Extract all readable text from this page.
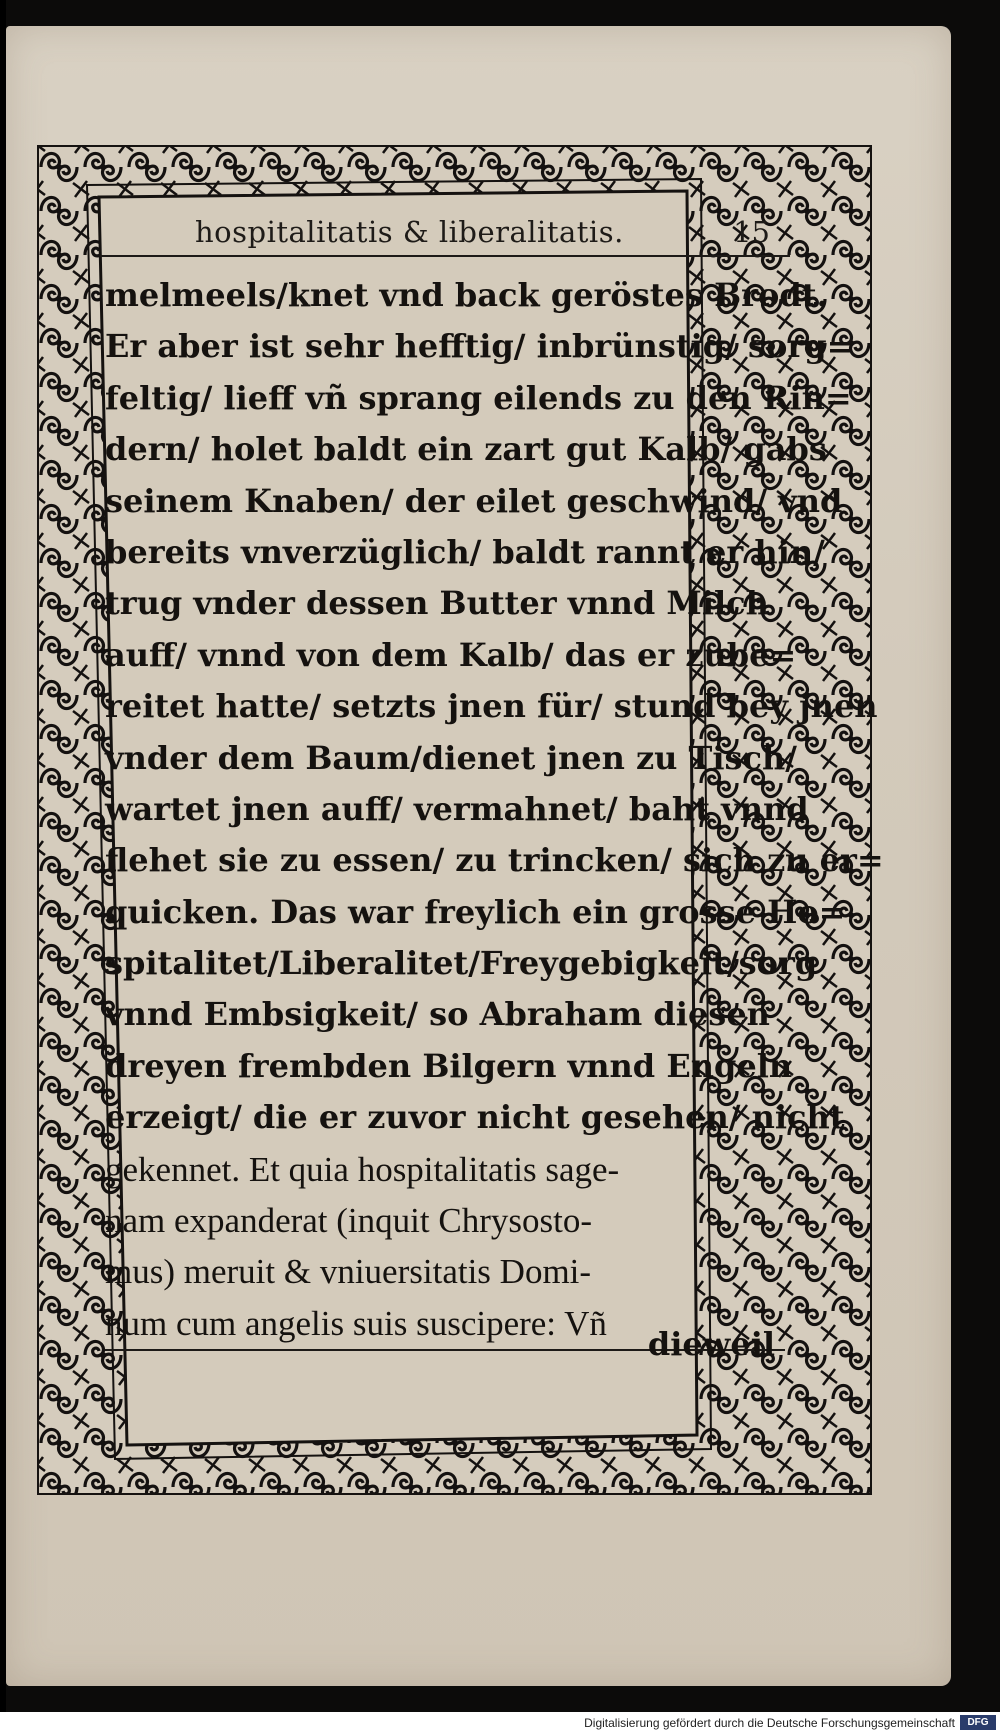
hospitalitatis & liberalitatis.	15
melmeels/knet vnd back geröstes Brodt.
Er aber ist sehr hefftig/ inbrünstig/ sorg=
feltig/ lieff vñ sprang eilends zu den Rin=
dern/ holet baldt ein zart gut Kalb/ gabs
seinem Knaben/ der eilet geschwind/ vnd
bereits vnverzüglich/ baldt rannt er hin/
trug vnder dessen Butter vnnd Milch
auff/ vnnd von dem Kalb/ das er zube=
reitet hatte/ setzts jnen für/ stund bey jnen
vnder dem Baum/dienet jnen zu Tisch/
wartet jnen auff/ vermahnet/ baht vnnd
flehet sie zu essen/ zu trincken/ sich zu er=
quicken. Das war freylich ein grosse Ho=
spitalitet/Liberalitet/Freygebigkeit/sorg
vnnd Embsigkeit/ so Abraham diesen
dreyen frembden Bilgern vnnd Engeln
erzeigt/ die er zuvor nicht gesehen/ nicht
gekennet. Et quia hospitalitatis sage-
nam expanderat (inquit Chrysosto-
mus) meruit & vniuersitatis Domi-
num cum angelis suis suscipere: Vñ
dieweil
Digitalisierung gefördert durch die Deutsche Forschungsgemeinschaft	DFG
